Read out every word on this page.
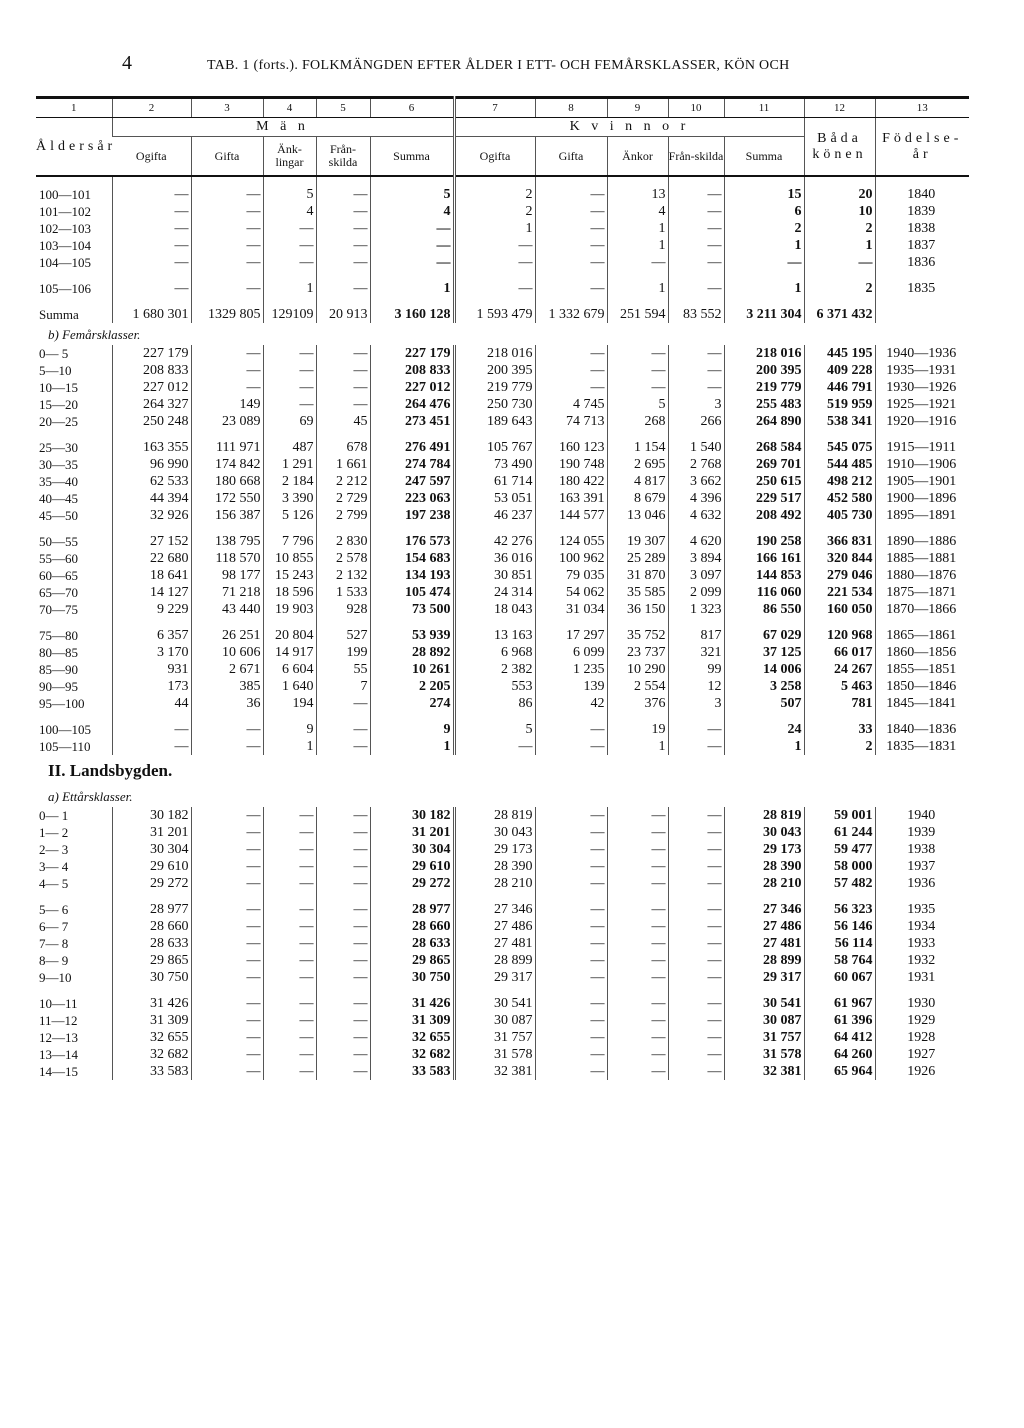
4	TAB. 1 (forts.). FOLKMÄNGDEN EFTER ÅLDER I ETT- OCH FEMÅRSKLASSER, KÖN OCH
1	2	3	4	5	6	7	8	9	10	11	12	13
Åldersår	M ä n					K v i n n o r					Båda könen	Födelse-år
	Ogifta	Gifta	Änk-lingar	Från-skilda	Summa	Ogifta	Gifta	Änkor	Från-skilda	Summa		

100—101	—	—	5	—	5	2	—	13	—	15	20	1840
101—102	—	—	4	—	4	2	—	4	—	6	10	1839
102—103	—	—	—	—	—	1	—	1	—	2	2	1838
103—104	—	—	—	—	—	—	—	1	—	1	1	1837
104—105	—	—	—	—	—	—	—	—	—	—	—	1836

105—106	—	—	1	—	1	—	—	1	—	1	2	1835

Summa	1 680 301	1329 805	129109	20 913	3 160 128	1 593 479	1 332 679	251 594	83 552	3 211 304	6 371 432	
b) Femårsklasser.												
0— 5	227 179	—	—	—	227 179	218 016	—	—	—	218 016	445 195	1940—1936
5—10	208 833	—	—	—	208 833	200 395	—	—	—	200 395	409 228	1935—1931
10—15	227 012	—	—	—	227 012	219 779	—	—	—	219 779	446 791	1930—1926
15—20	264 327	149	—	—	264 476	250 730	4 745	5	3	255 483	519 959	1925—1921
20—25	250 248	23 089	69	45	273 451	189 643	74 713	268	266	264 890	538 341	1920—1916

25—30	163 355	111 971	487	678	276 491	105 767	160 123	1 154	1 540	268 584	545 075	1915—1911
30—35	96 990	174 842	1 291	1 661	274 784	73 490	190 748	2 695	2 768	269 701	544 485	1910—1906
35—40	62 533	180 668	2 184	2 212	247 597	61 714	180 422	4 817	3 662	250 615	498 212	1905—1901
40—45	44 394	172 550	3 390	2 729	223 063	53 051	163 391	8 679	4 396	229 517	452 580	1900—1896
45—50	32 926	156 387	5 126	2 799	197 238	46 237	144 577	13 046	4 632	208 492	405 730	1895—1891

50—55	27 152	138 795	7 796	2 830	176 573	42 276	124 055	19 307	4 620	190 258	366 831	1890—1886
55—60	22 680	118 570	10 855	2 578	154 683	36 016	100 962	25 289	3 894	166 161	320 844	1885—1881
60—65	18 641	98 177	15 243	2 132	134 193	30 851	79 035	31 870	3 097	144 853	279 046	1880—1876
65—70	14 127	71 218	18 596	1 533	105 474	24 314	54 062	35 585	2 099	116 060	221 534	1875—1871
70—75	9 229	43 440	19 903	928	73 500	18 043	31 034	36 150	1 323	86 550	160 050	1870—1866

75—80	6 357	26 251	20 804	527	53 939	13 163	17 297	35 752	817	67 029	120 968	1865—1861
80—85	3 170	10 606	14 917	199	28 892	6 968	6 099	23 737	321	37 125	66 017	1860—1856
85—90	931	2 671	6 604	55	10 261	2 382	1 235	10 290	99	14 006	24 267	1855—1851
90—95	173	385	1 640	7	2 205	553	139	2 554	12	3 258	5 463	1850—1846
95—100	44	36	194	—	274	86	42	376	3	507	781	1845—1841

100—105	—	—	9	—	9	5	—	19	—	24	33	1840—1836
105—110	—	—	1	—	1	—	—	1	—	1	2	1835—1831
II. Landsbygden.												
a) Ettårsklasser.												
0— 1	30 182	—	—	—	30 182	28 819	—	—	—	28 819	59 001	1940
1— 2	31 201	—	—	—	31 201	30 043	—	—	—	30 043	61 244	1939
2— 3	30 304	—	—	—	30 304	29 173	—	—	—	29 173	59 477	1938
3— 4	29 610	—	—	—	29 610	28 390	—	—	—	28 390	58 000	1937
4— 5	29 272	—	—	—	29 272	28 210	—	—	—	28 210	57 482	1936

5— 6	28 977	—	—	—	28 977	27 346	—	—	—	27 346	56 323	1935
6— 7	28 660	—	—	—	28 660	27 486	—	—	—	27 486	56 146	1934
7— 8	28 633	—	—	—	28 633	27 481	—	—	—	27 481	56 114	1933
8— 9	29 865	—	—	—	29 865	28 899	—	—	—	28 899	58 764	1932
9—10	30 750	—	—	—	30 750	29 317	—	—	—	29 317	60 067	1931

10—11	31 426	—	—	—	31 426	30 541	—	—	—	30 541	61 967	1930
11—12	31 309	—	—	—	31 309	30 087	—	—	—	30 087	61 396	1929
12—13	32 655	—	—	—	32 655	31 757	—	—	—	31 757	64 412	1928
13—14	32 682	—	—	—	32 682	31 578	—	—	—	31 578	64 260	1927
14—15	33 583	—	—	—	33 583	32 381	—	—	—	32 381	65 964	1926
